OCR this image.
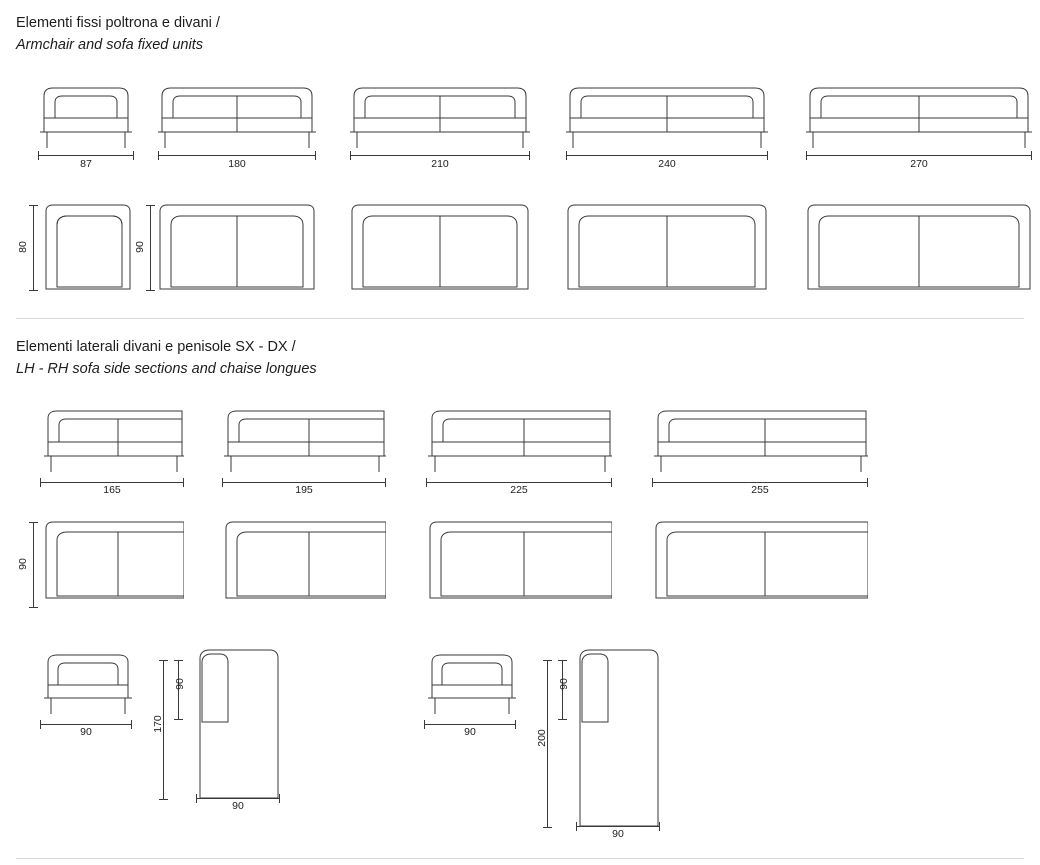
Elementi fissi poltrona e divani /
Armchair and sofa fixed units
87	180	210	240	270
80	90
Elementi laterali divani e penisole SX - DX /
LH - RH sofa side sections and chaise longues
165	195	225	255
90
90
90
170
90
90
90
200
90
